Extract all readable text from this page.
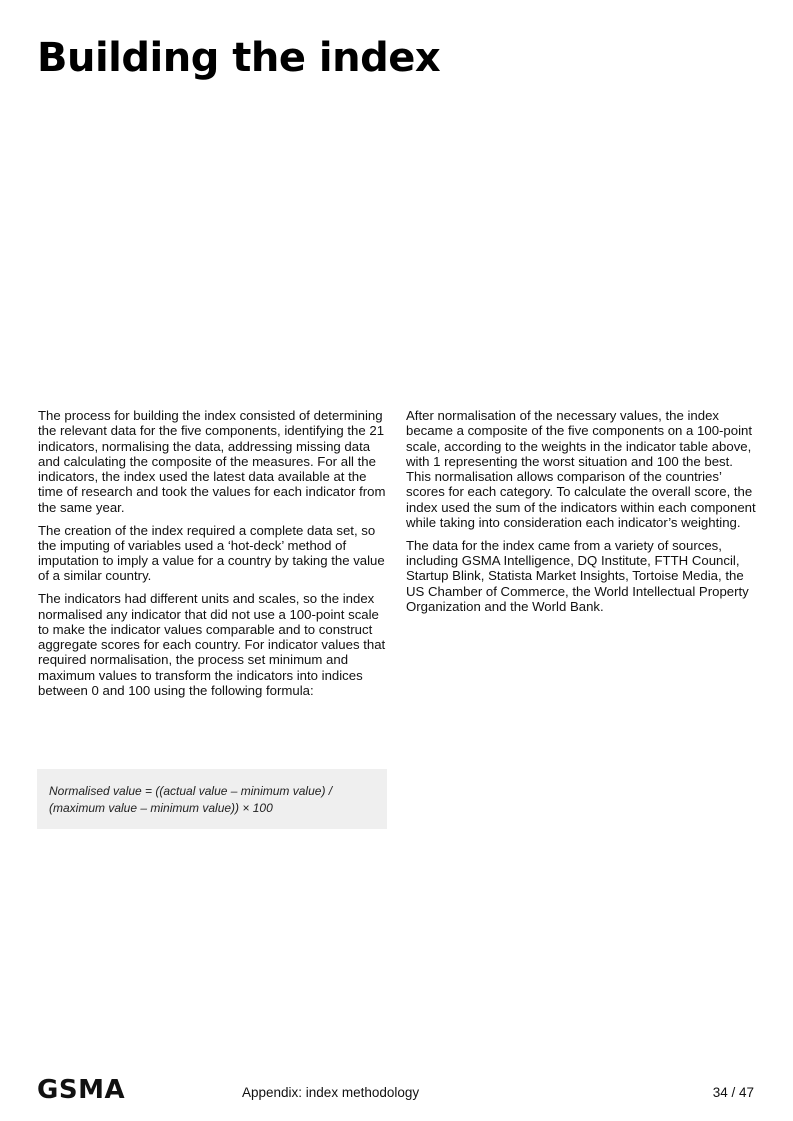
Building the index

The process for building the index consisted of determining the relevant data for the five components, identifying the 21 indicators, normalising the data, addressing missing data and calculating the composite of the measures. For all the indicators, the index used the latest data available at the time of research and took the values for each indicator from the same year.

The creation of the index required a complete data set, so the imputing of variables used a ‘hot-deck’ method of imputation to imply a value for a country by taking the value of a similar country.

The indicators had different units and scales, so the index normalised any indicator that did not use a 100-point scale to make the indicator values comparable and to construct aggregate scores for each country. For indicator values that required normalisation, the process set minimum and maximum values to transform the indicators into indices between 0 and 100 using the following formula:

Normalised value = ((actual value – minimum value) / (maximum value – minimum value)) × 100

After normalisation of the necessary values, the index became a composite of the five components on a 100-point scale, according to the weights in the indicator table above, with 1 representing the worst situation and 100 the best. This normalisation allows comparison of the countries’ scores for each category. To calculate the overall score, the index used the sum of the indicators within each component while taking into consideration each indicator’s weighting.

The data for the index came from a variety of sources, including GSMA Intelligence, DQ Institute, FTTH Council, Startup Blink, Statista Market Insights, Tortoise Media, the US Chamber of Commerce, the World Intellectual Property Organization and the World Bank.

GSMA	Appendix: index methodology	34 / 47
